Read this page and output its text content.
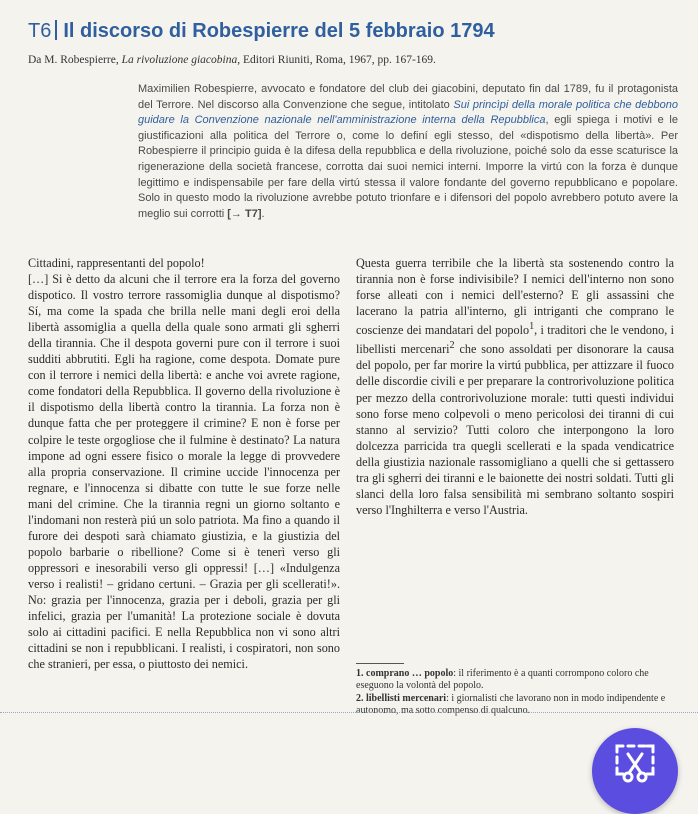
T6 Il discorso di Robespierre del 5 febbraio 1794
Da M. Robespierre, La rivoluzione giacobina, Editori Riuniti, Roma, 1967, pp. 167-169.
Maximilien Robespierre, avvocato e fondatore del club dei giacobini, deputato fin dal 1789, fu il protagonista del Terrore. Nel discorso alla Convenzione che segue, intitolato Sui princìpi della morale politica che debbono guidare la Convenzione nazionale nell'amministrazione interna della Repubblica, egli spiega i motivi e le giustificazioni alla politica del Terrore o, come lo definí egli stesso, del «dispotismo della libertà». Per Robespierre il principio guida è la difesa della repubblica e della rivoluzione, poiché solo da esse scaturisce la rigenerazione della società francese, corrotta dai suoi nemici interni. Imporre la virtú con la forza è dunque legittimo e indispensabile per fare della virtú stessa il valore fondante del governo repubblicano e popolare. Solo in questo modo la rivoluzione avrebbe potuto trionfare e i difensori del popolo avrebbero potuto avere la meglio sui corrotti [→ T7].

Cittadini, rappresentanti del popolo!

[…] Si è detto da alcuni che il terrore era la forza del governo dispotico. Il vostro terrore rassomiglia dunque al dispotismo? Sí, ma come la spada che brilla nelle mani degli eroi della libertà assomiglia a quella della quale sono armati gli sgherri della tirannia. Che il despota governi pure con il terrore i suoi sudditi abbrutiti. Egli ha ragione, come despota. Domate pure con il terrore i nemici della libertà: e anche voi avrete ragione, come fondatori della Repubblica. Il governo della rivoluzione è il dispotismo della libertà contro la tirannia. La forza non è dunque fatta che per proteggere il crimine? E non è forse per colpire le teste orgogliose che il fulmine è destinato? La natura impone ad ogni essere fisico o morale la legge di provvedere alla propria conservazione. Il crimine uccide l'innocenza per regnare, e l'innocenza si dibatte con tutte le sue forze nelle mani del crimine. Che la tirannia regni un giorno soltanto e l'indomani non resterà piú un solo patriota. Ma fino a quando il furore dei despoti sarà chiamato giustizia, e la giustizia del popolo barbarie o ribellione? Come si è tenerì verso gli oppressori e inesorabili verso gli oppressi! […] «Indulgenza verso i realisti! – gridano certuni. – Grazia per gli scellerati!». No: grazia per l'innocenza, grazia per i deboli, grazia per gli infelici, grazia per l'umanità! La protezione sociale è dovuta solo ai cittadini pacifici. E nella Repubblica non vi sono altri cittadini se non i repubblicani. I realisti, i cospiratori, non sono che stranieri, per essa, o piuttosto dei nemici.

Questa guerra terribile che la libertà sta sostenendo contro la tirannia non è forse indivisibile? I nemici dell'interno non sono forse alleati con i nemici dell'esterno? E gli assassini che lacerano la patria all'interno, gli intriganti che comprano le coscienze dei mandatari del popolo$^1$, i traditori che le vendono, i libellisti mercenari$^2$ che sono assoldati per disonorare la causa del popolo, per far morire la virtú pubblica, per attizzare il fuoco delle discordie civili e per preparare la controrivoluzione politica per mezzo della controrivoluzione morale: tutti questi individui sono forse meno colpevoli o meno pericolosi dei tiranni di cui stanno al servizio? Tutti coloro che interpongono la loro dolcezza parricida tra quegli scellerati e la spada vendicatrice della giustizia nazionale rassomigliano a quelli che si gettassero tra gli sgherri dei tiranni e le baionette dei nostri soldati. Tutti gli slanci della loro falsa sensibilità mi sembrano soltanto sospiri verso l'Inghilterra e verso l'Austria.

1. comprano … popolo: il riferimento è a quanti corrompono coloro che eseguono la volontà del popolo.

2. libellisti mercenari: i giornalisti che lavorano non in modo indipendente e autonomo, ma sotto compenso di qualcuno.
